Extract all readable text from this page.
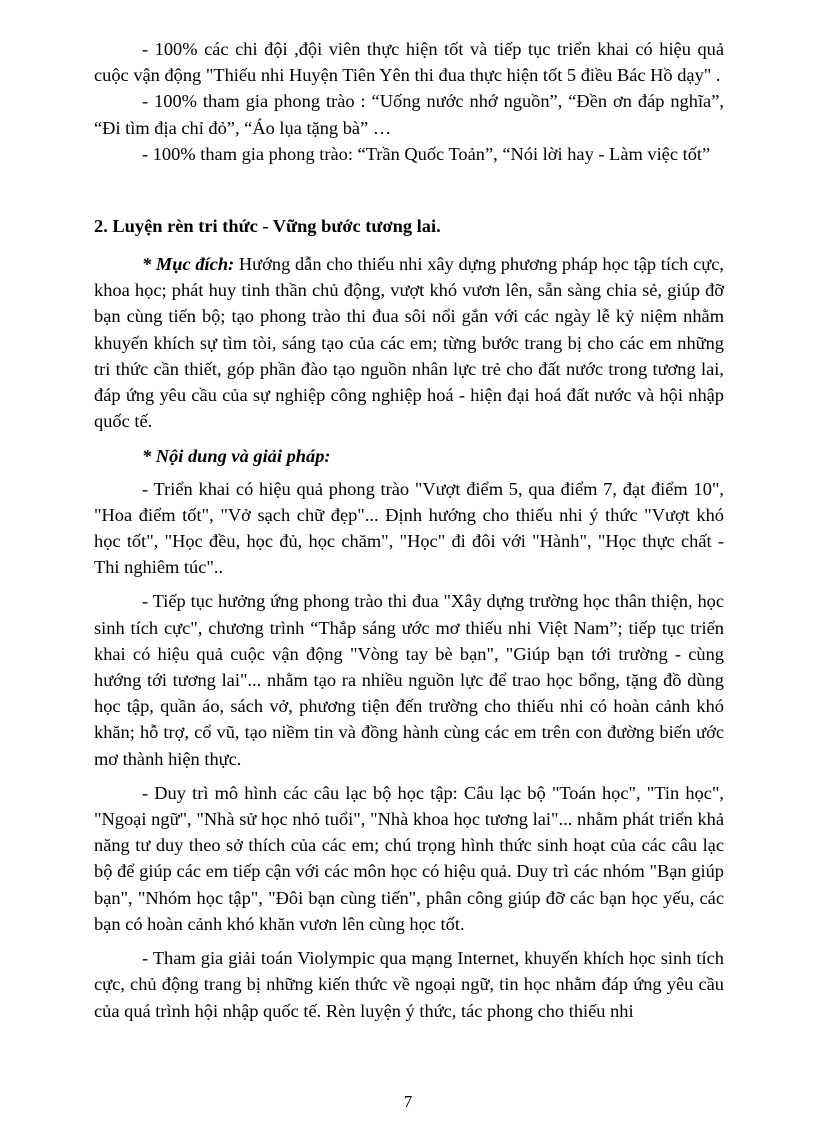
- 100% các chi đội ,đội viên thực hiện tốt và tiếp tục triển khai có hiệu quả cuộc vận động "Thiếu nhi Huyện Tiên Yên thi đua thực hiện tốt 5 điều Bác Hồ dạy" .

- 100% tham gia phong trào : “Uống nước nhớ nguồn”, “Đền ơn đáp nghĩa”, “Đi tìm địa chỉ đỏ”, “Áo lụa tặng bà” …

- 100% tham gia phong trào: “Trần Quốc Toản”, “Nói lời hay - Làm việc tốt”

2. Luyện rèn tri thức - Vững bước tương lai.

* Mục đích: Hướng dẫn cho thiếu nhi xây dựng phương pháp học tập tích cực, khoa học; phát huy tinh thần chủ động, vượt khó vươn lên, sẵn sàng chia sẻ, giúp đỡ bạn cùng tiến bộ; tạo phong trào thi đua sôi nổi gắn với các ngày lễ kỷ niệm nhằm khuyến khích sự tìm tòi, sáng tạo của các em; từng bước trang bị cho các em những tri thức cần thiết, góp phần đào tạo nguồn nhân lực trẻ cho đất nước trong tương lai, đáp ứng yêu cầu của sự nghiệp công nghiệp hoá - hiện đại hoá đất nước và hội nhập quốc tế.

* Nội dung và giải pháp:

- Triển khai có hiệu quả phong trào "Vượt điểm 5, qua điểm 7, đạt điểm 10", "Hoa điểm tốt", "Vở sạch chữ đẹp"... Định hướng cho thiếu nhi ý thức "Vượt khó học tốt", "Học đều, học đủ, học chăm", "Học" đi đôi với "Hành", "Học thực chất - Thi nghiêm túc"..

- Tiếp tục hưởng ứng phong trào thi đua "Xây dựng trường học thân thiện, học sinh tích cực", chương trình “Thắp sáng ước mơ thiếu nhi Việt Nam”; tiếp tục triển khai có hiệu quả cuộc vận động "Vòng tay bè bạn", "Giúp bạn tới trường - cùng hướng tới tương lai"... nhằm tạo ra nhiều nguồn lực để trao học bổng, tặng đồ dùng học tập, quần áo, sách vở, phương tiện đến trường cho thiếu nhi có hoàn cảnh khó khăn; hỗ trợ, cổ vũ, tạo niềm tin và đồng hành cùng các em trên con đường biến ước mơ thành hiện thực.

- Duy trì mô hình các câu lạc bộ học tập: Câu lạc bộ "Toán học", "Tin học", "Ngoại ngữ", "Nhà sử học nhỏ tuổi", "Nhà khoa học tương lai"... nhằm phát triển khả năng tư duy theo sở thích của các em; chú trọng hình thức sinh hoạt của các câu lạc bộ để giúp các em tiếp cận với các môn học có hiệu quả. Duy trì các nhóm "Bạn giúp bạn", "Nhóm học tập", "Đôi bạn cùng tiến", phân công giúp đỡ các bạn học yếu, các bạn có hoàn cảnh khó khăn vươn lên cùng học tốt.

- Tham gia giải toán Violympic qua mạng Internet, khuyến khích học sinh tích cực, chủ động trang bị những kiến thức về ngoại ngữ, tin học nhằm đáp ứng yêu cầu của quá trình hội nhập quốc tế. Rèn luyện ý thức, tác phong cho thiếu nhi

7
